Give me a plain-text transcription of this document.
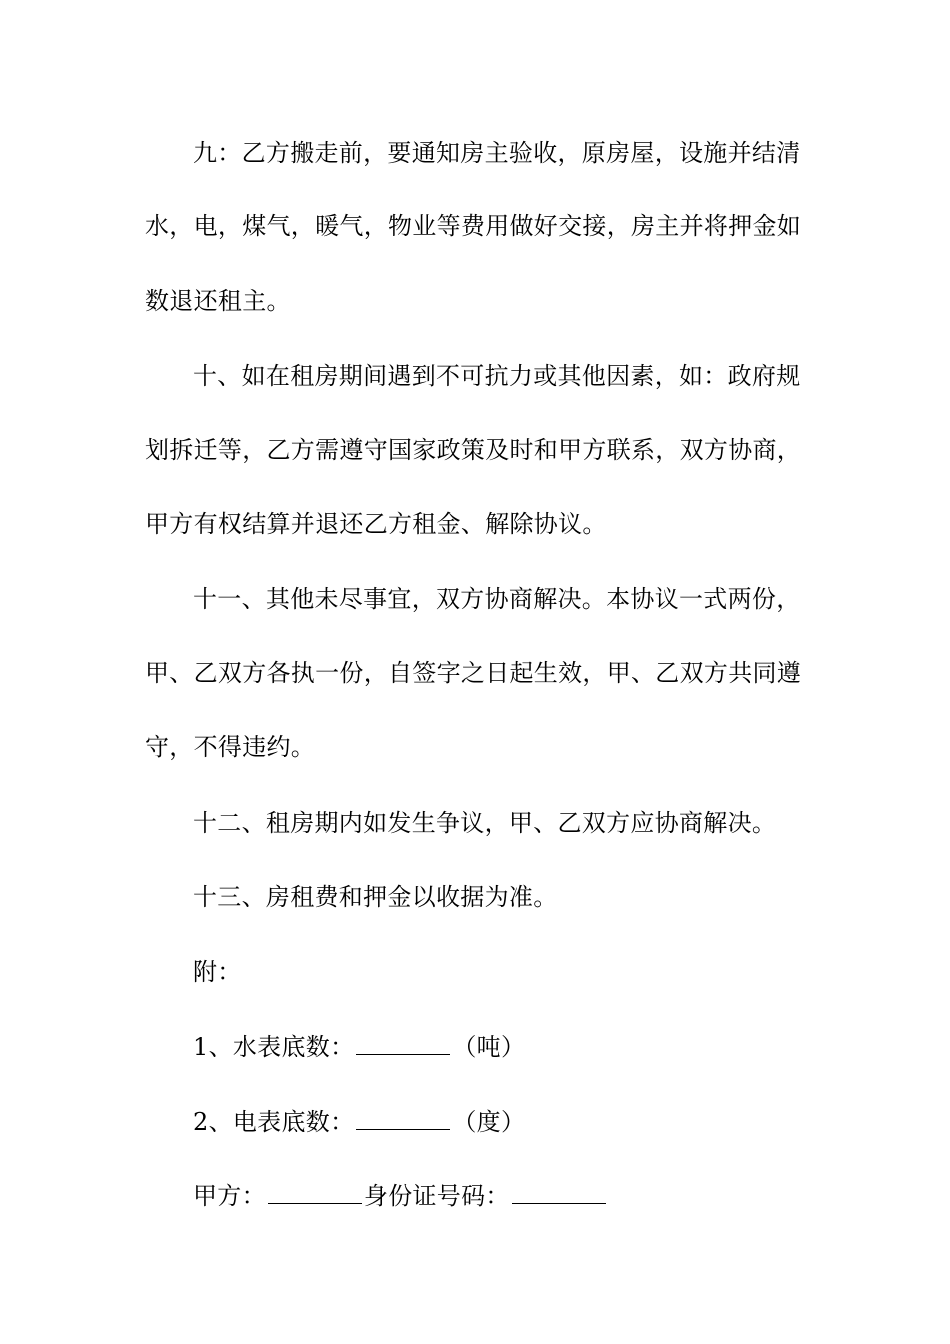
九：乙方搬走前，要通知房主验收，原房屋，设施并结清
水，电，煤气，暖气，物业等费用做好交接，房主并将押金如
数退还租主。
十、如在租房期间遇到不可抗力或其他因素，如：政府规
划拆迁等，乙方需遵守国家政策及时和甲方联系，双方协商，
甲方有权结算并退还乙方租金、解除协议。
十一、其他未尽事宜，双方协商解决。本协议一式两份，
甲、乙双方各执一份，自签字之日起生效，甲、乙双方共同遵
守，不得违约。
十二、租房期内如发生争议，甲、乙双方应协商解决。
十三、房租费和押金以收据为准。
附：
1、水表底数：	（吨）
2、电表底数：	（度）
甲方：	身份证号码：
